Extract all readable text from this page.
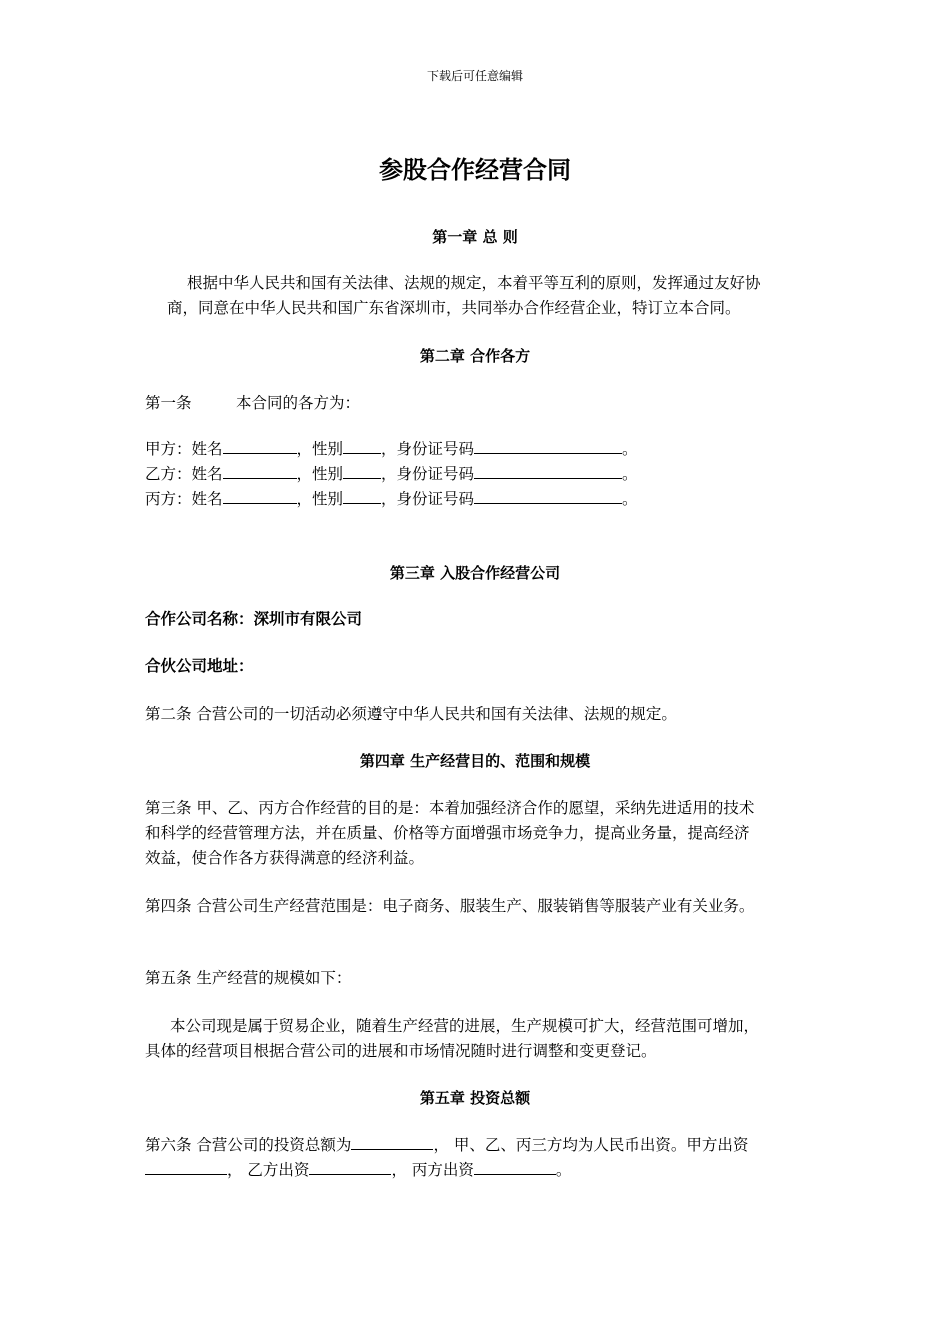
下载后可任意编辑
参股合作经营合同
第一章 总 则
根据中华人民共和国有关法律、法规的规定，本着平等互利的原则，发挥通过友好协
商，同意在中华人民共和国广东省深圳市，共同举办合作经营企业，特订立本合同。
第二章 合作各方
第一条	本合同的各方为：
甲方：姓名	，性别 ，身份证号码	。
乙方：姓名	，性别 ，身份证号码	。
丙方：姓名	，性别 ，身份证号码	。
第三章 入股合作经营公司
合作公司名称：深圳市有限公司
合伙公司地址：
第二条 合营公司的一切活动必须遵守中华人民共和国有关法律、法规的规定。
第四章 生产经营目的、范围和规模
第三条 甲、乙、丙方合作经营的目的是：本着加强经济合作的愿望，采纳先进适用的技术
和科学的经营管理方法，并在质量、价格等方面增强市场竞争力，提高业务量，提高经济
效益，使合作各方获得满意的经济利益。
第四条 合营公司生产经营范围是：电子商务、服装生产、服装销售等服装产业有关业务。
第五条 生产经营的规模如下：
本公司现是属于贸易企业，随着生产经营的进展，生产规模可扩大，经营范围可增加，
具体的经营项目根据合营公司的进展和市场情况随时进行调整和变更登记。
第五章 投资总额
第六条 合营公司的投资总额为	， 甲、乙、丙三方均为人民币出资。甲方出资
， 乙方出资	， 丙方出资	。
